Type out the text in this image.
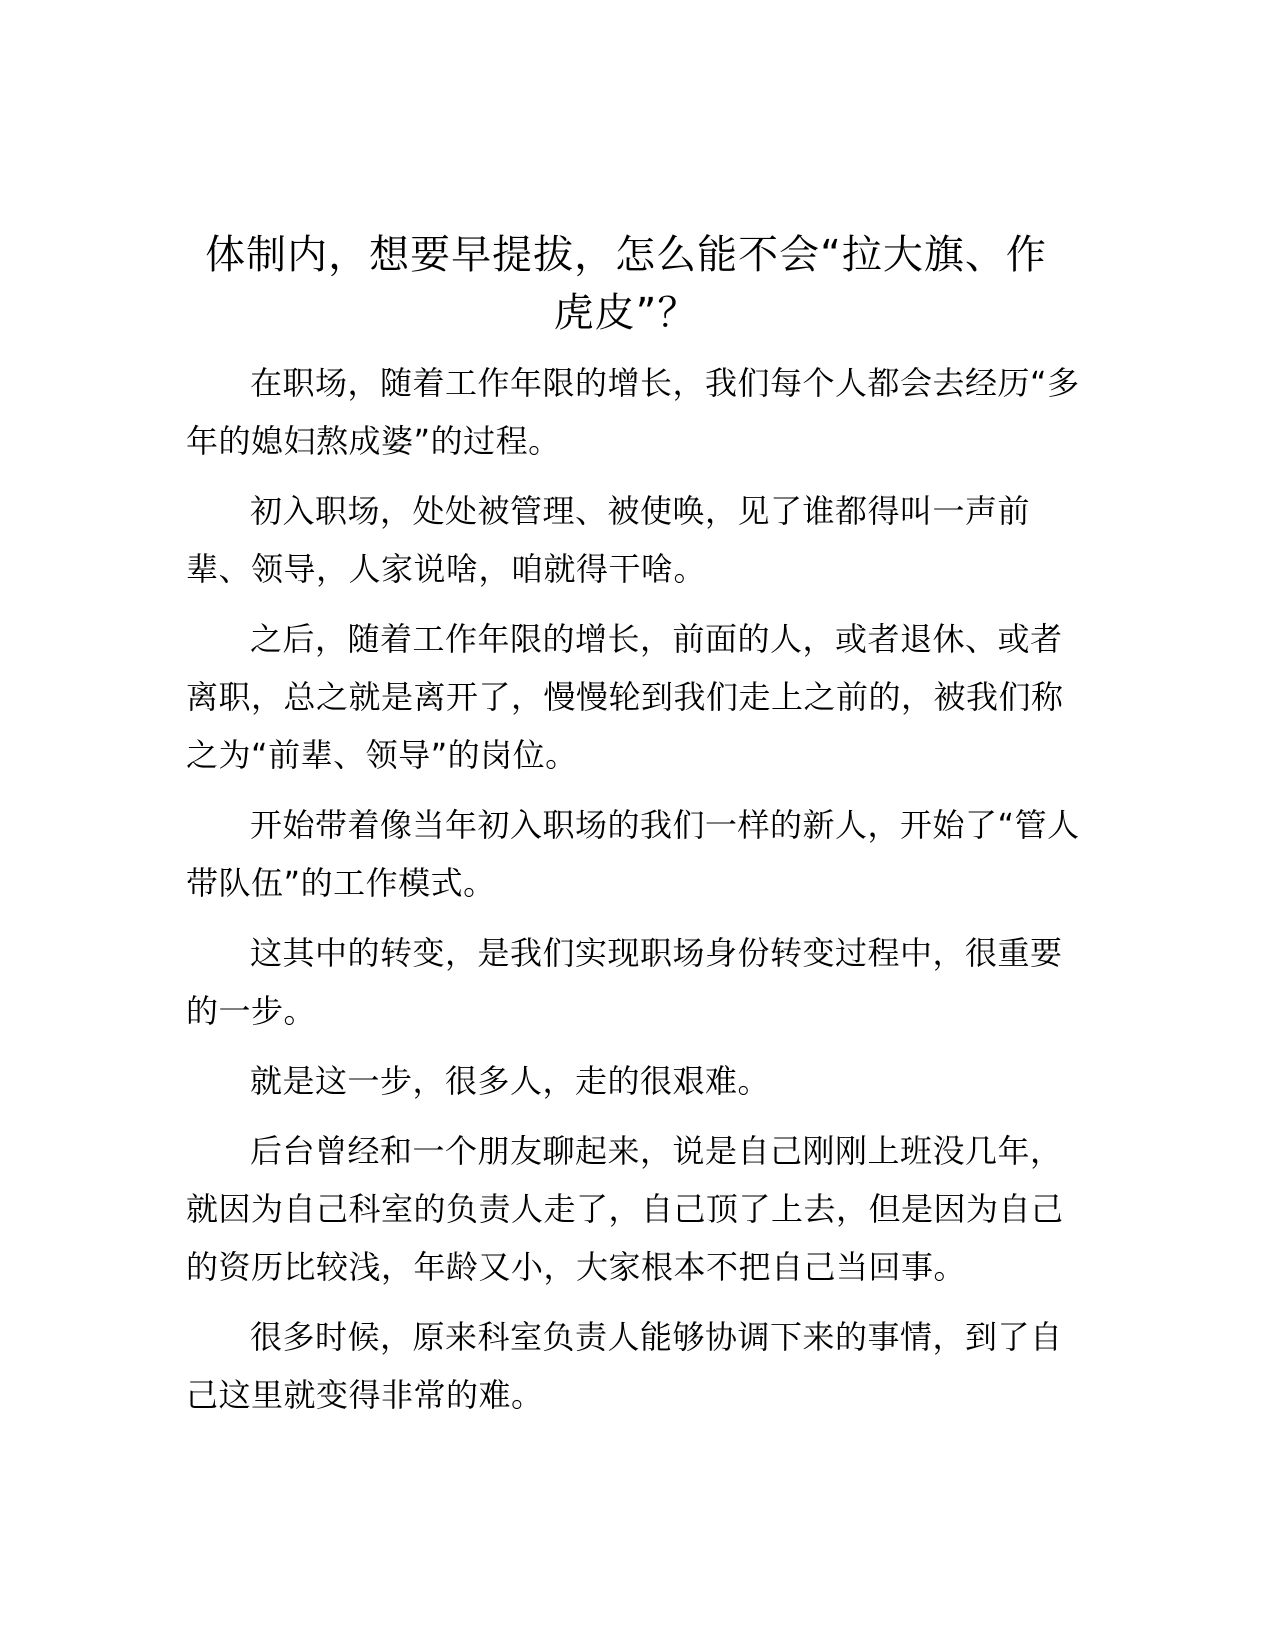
体制内，想要早提拔，怎么能不会“拉大旗、作虎皮”？

在职场，随着工作年限的增长，我们每个人都会去经历“多年的媳妇熬成婆”的过程。

初入职场，处处被管理、被使唤，见了谁都得叫一声前辈、领导，人家说啥，咱就得干啥。

之后，随着工作年限的增长，前面的人，或者退休、或者离职，总之就是离开了，慢慢轮到我们走上之前的，被我们称之为“前辈、领导”的岗位。

开始带着像当年初入职场的我们一样的新人，开始了“管人带队伍”的工作模式。

这其中的转变，是我们实现职场身份转变过程中，很重要的一步。

就是这一步，很多人，走的很艰难。

后台曾经和一个朋友聊起来，说是自己刚刚上班没几年，就因为自己科室的负责人走了，自己顶了上去，但是因为自己的资历比较浅，年龄又小，大家根本不把自己当回事。

很多时候，原来科室负责人能够协调下来的事情，到了自己这里就变得非常的难。
